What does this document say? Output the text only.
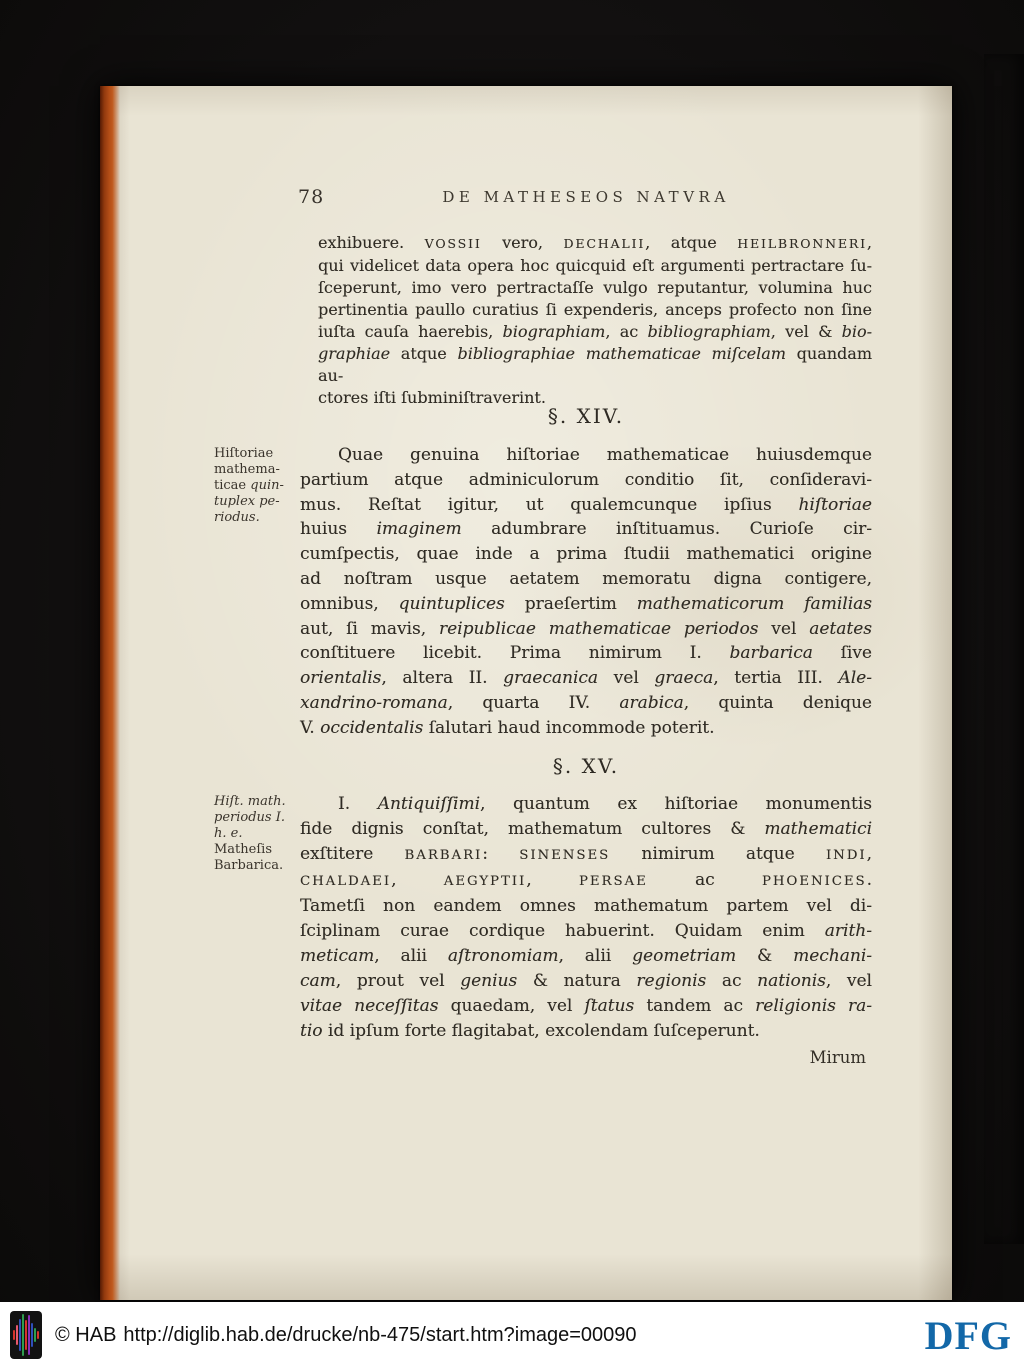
78	DE MATHESEOS NATVRA
exhibuere. VOSSII vero, DECHALII, atque HEILBRONNERI,
qui videlicet data opera hoc quicquid eſt argumenti pertractare ſu-
ſceperunt, imo vero pertractaſſe vulgo reputantur, volumina huc
pertinentia paullo curatius ſi expenderis, anceps profecto non ſine
iuſta cauſa haerebis, biographiam, ac bibliographiam, vel & bio-
graphiae atque bibliographiae mathematicae miſcelam quandam au-
ctores iſti ſubminiſtraverint.
§. XIV.
Hiſtoriae
mathema-
ticae quin-
tuplex pe-
riodus.
Quae genuina hiſtoriae mathematicae huiusdemque
partium atque adminiculorum conditio ſit, conſideravi-
mus. Reſtat igitur, ut qualemcunque ipſius hiſtoriae
huius imaginem adumbrare inſtituamus. Curioſe cir-
cumſpectis, quae inde a prima ſtudii mathematici origine
ad noſtram usque aetatem memoratu digna contigere,
omnibus, quintuplices praeſertim mathematicorum familias
aut, ſi mavis, reipublicae mathematicae periodos vel aetates
conſtituere licebit. Prima nimirum I. barbarica ſive
orientalis, altera II. graecanica vel graeca, tertia III. Ale-
xandrino-romana, quarta IV. arabica, quinta denique
V. occidentalis ſalutari haud incommode poterit.
§. XV.
Hiſt. math.
periodus I.
h. e.
Matheſis
Barbarica.
I. Antiquiſſimi, quantum ex hiſtoriae monumentis
fide dignis conſtat, mathematum cultores & mathematici
exſtitere BARBARI: SINENSES nimirum atque INDI,
CHALDAEI, AEGYPTII, PERSAE ac PHOENICES.
Tametſi non eandem omnes mathematum partem vel di-
ſciplinam curae cordique habuerint. Quidam enim arith-
meticam, alii aſtronomiam, alii geometriam & mechani-
cam, prout vel genius & natura regionis ac nationis, vel
vitae neceſſitas quaedam, vel ſtatus tandem ac religionis ra-
tio id ipſum forte flagitabat, excolendam ſuſceperunt.
Mirum
© HAB http://diglib.hab.de/drucke/nb-475/start.htm?image=00090	DFG
